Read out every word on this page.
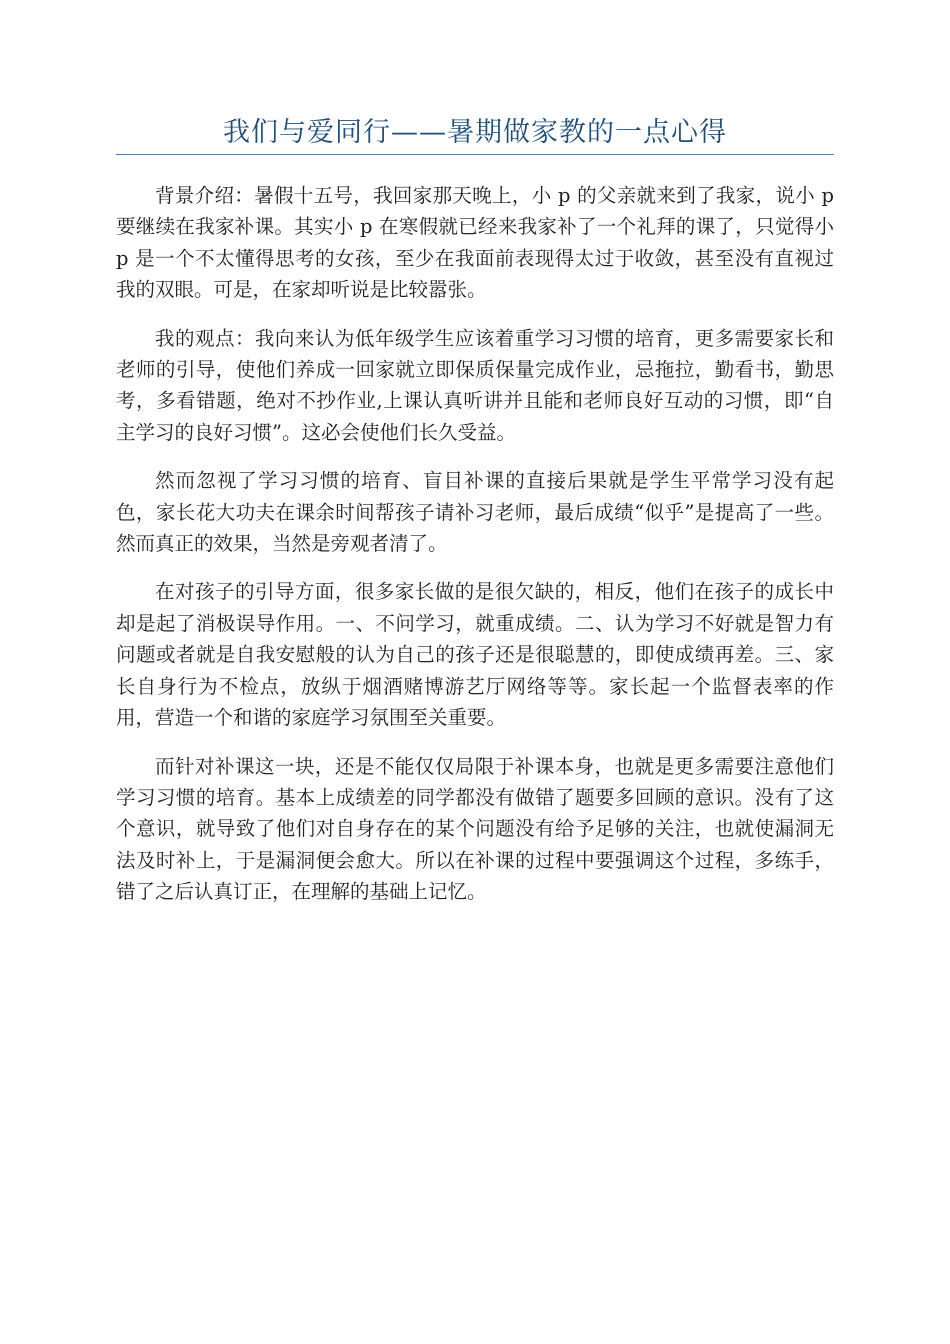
我们与爱同行——暑期做家教的一点心得

背景介绍：暑假十五号，我回家那天晚上，小 p 的父亲就来到了我家，说小 p 要继续在我家补课。其实小 p 在寒假就已经来我家补了一个礼拜的课了，只觉得小 p 是一个不太懂得思考的女孩，至少在我面前表现得太过于收敛，甚至没有直视过我的双眼。可是，在家却听说是比较嚣张。

我的观点：我向来认为低年级学生应该着重学习习惯的培育，更多需要家长和老师的引导，使他们养成一回家就立即保质保量完成作业，忌拖拉，勤看书，勤思考，多看错题，绝对不抄作业,上课认真听讲并且能和老师良好互动的习惯，即“自主学习的良好习惯”。这必会使他们长久受益。

然而忽视了学习习惯的培育、盲目补课的直接后果就是学生平常学习没有起色，家长花大功夫在课余时间帮孩子请补习老师，最后成绩“似乎”是提高了一些。然而真正的效果，当然是旁观者清了。

在对孩子的引导方面，很多家长做的是很欠缺的，相反，他们在孩子的成长中却是起了消极误导作用。一、不问学习，就重成绩。二、认为学习不好就是智力有问题或者就是自我安慰般的认为自己的孩子还是很聪慧的，即使成绩再差。三、家长自身行为不检点，放纵于烟酒赌博游艺厅网络等等。家长起一个监督表率的作用，营造一个和谐的家庭学习氛围至关重要。

而针对补课这一块，还是不能仅仅局限于补课本身，也就是更多需要注意他们学习习惯的培育。基本上成绩差的同学都没有做错了题要多回顾的意识。没有了这个意识，就导致了他们对自身存在的某个问题没有给予足够的关注，也就使漏洞无法及时补上，于是漏洞便会愈大。所以在补课的过程中要强调这个过程，多练手，错了之后认真订正，在理解的基础上记忆。
